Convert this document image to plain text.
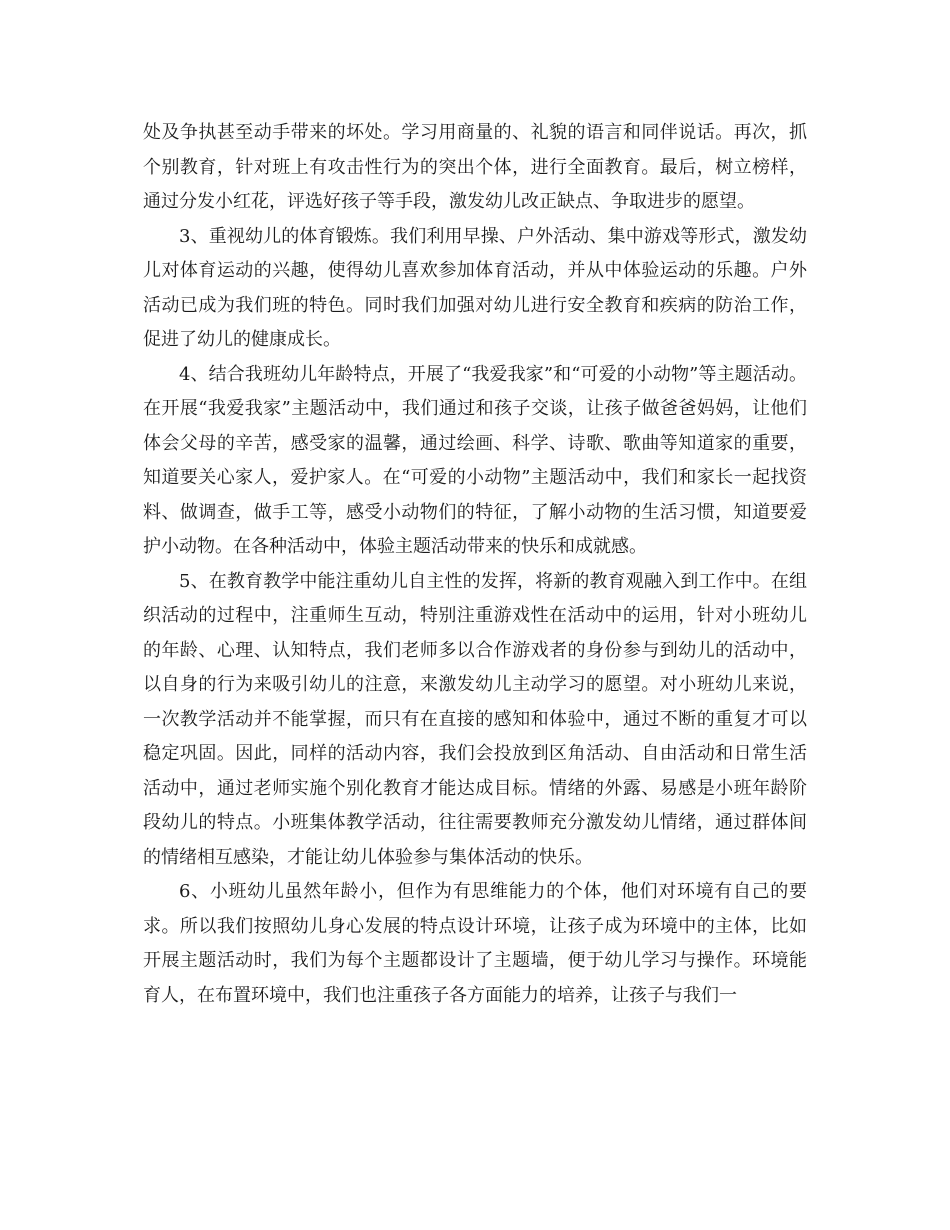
处及争执甚至动手带来的坏处。学习用商量的、礼貌的语言和同伴说话。再次，抓个别教育，针对班上有攻击性行为的突出个体，进行全面教育。最后，树立榜样，通过分发小红花，评选好孩子等手段，激发幼儿改正缺点、争取进步的愿望。

3、重视幼儿的体育锻炼。我们利用早操、户外活动、集中游戏等形式，激发幼儿对体育运动的兴趣，使得幼儿喜欢参加体育活动，并从中体验运动的乐趣。户外活动已成为我们班的特色。同时我们加强对幼儿进行安全教育和疾病的防治工作，促进了幼儿的健康成长。

4、结合我班幼儿年龄特点，开展了“我爱我家”和“可爱的小动物”等主题活动。在开展“我爱我家”主题活动中，我们通过和孩子交谈，让孩子做爸爸妈妈，让他们体会父母的辛苦，感受家的温馨，通过绘画、科学、诗歌、歌曲等知道家的重要，知道要关心家人，爱护家人。在“可爱的小动物”主题活动中，我们和家长一起找资料、做调查，做手工等，感受小动物们的特征，了解小动物的生活习惯，知道要爱护小动物。在各种活动中，体验主题活动带来的快乐和成就感。

5、在教育教学中能注重幼儿自主性的发挥，将新的教育观融入到工作中。在组织活动的过程中，注重师生互动，特别注重游戏性在活动中的运用，针对小班幼儿的年龄、心理、认知特点，我们老师多以合作游戏者的身份参与到幼儿的活动中，以自身的行为来吸引幼儿的注意，来激发幼儿主动学习的愿望。对小班幼儿来说，一次教学活动并不能掌握，而只有在直接的感知和体验中，通过不断的重复才可以稳定巩固。因此，同样的活动内容，我们会投放到区角活动、自由活动和日常生活活动中，通过老师实施个别化教育才能达成目标。情绪的外露、易感是小班年龄阶段幼儿的特点。小班集体教学活动，往往需要教师充分激发幼儿情绪，通过群体间的情绪相互感染，才能让幼儿体验参与集体活动的快乐。

6、小班幼儿虽然年龄小，但作为有思维能力的个体，他们对环境有自己的要求。所以我们按照幼儿身心发展的特点设计环境，让孩子成为环境中的主体，比如开展主题活动时，我们为每个主题都设计了主题墙，便于幼儿学习与操作。环境能育人，在布置环境中，我们也注重孩子各方面能力的培养，让孩子与我们一
